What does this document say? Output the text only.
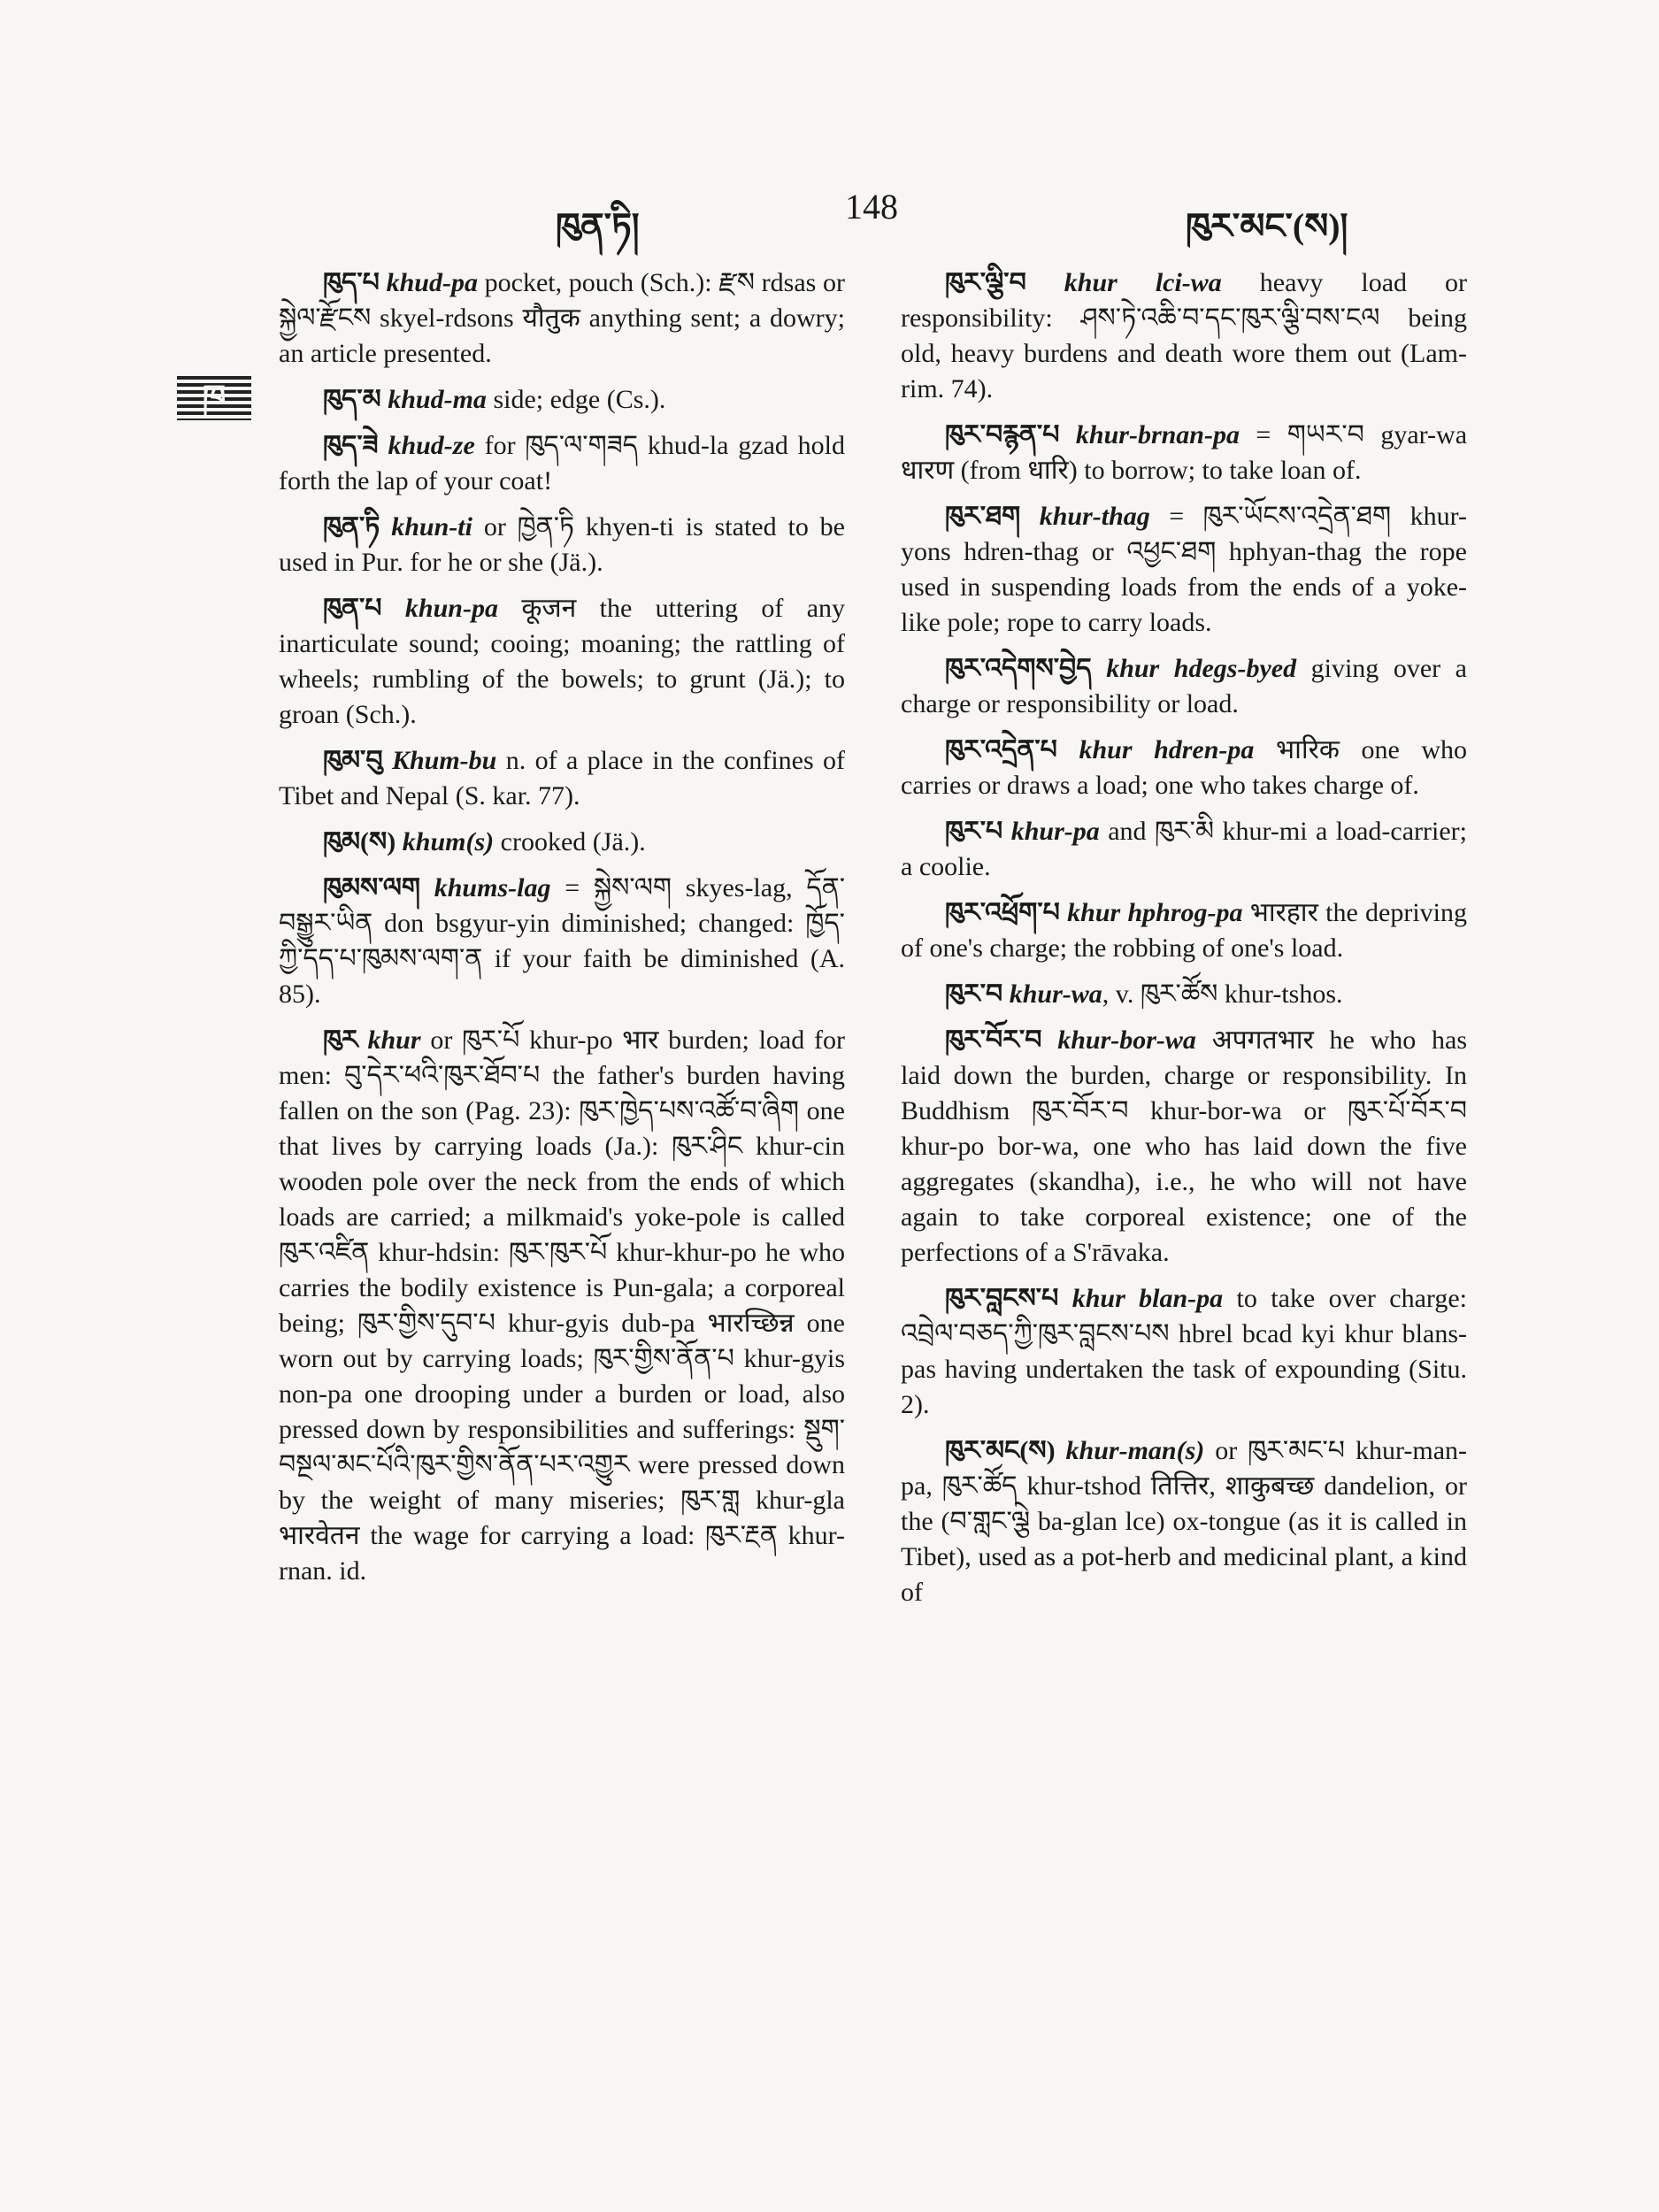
ཁུན་ཏི།	148	ཁུར་མང་(ས)།
ཁ

ཁུད་པ khud-pa pocket, pouch (Sch.): རྫས rdsas or སྐྱེལ་རྫོངས skyel-rdsons यौतुक anything sent; a dowry; an article presented.

ཁུད་མ khud-ma side; edge (Cs.).

ཁུད་ཟེ khud-ze for ཁུད་ལ་གཟད khud-la gzad hold forth the lap of your coat!

ཁུན་ཏི khun-ti or ཁྱེན་ཏི khyen-ti is stated to be used in Pur. for he or she (Jä.).

ཁུན་པ khun-pa कूजन the uttering of any inarticulate sound; cooing; moaning; the rattling of wheels; rumbling of the bowels; to grunt (Jä.); to groan (Sch.).

ཁུམ་བུ Khum-bu n. of a place in the confines of Tibet and Nepal (S. kar. 77).

ཁུམ(ས) khum(s) crooked (Jä.).

ཁུམས་ལག khums-lag = སྐྱེས་ལག skyes-lag, དོན་བསྒྱུར་ཡིན don bsgyur-yin diminished; changed: ཁྱོད་ཀྱི་དད་པ་ཁུམས་ལག་ན if your faith be diminished (A. 85).

ཁུར khur or ཁུར་པོ khur-po भार burden; load for men: བུ་དེར་ཕའི་ཁུར་ཐོབ་པ the father's burden having fallen on the son (Pag. 23): ཁུར་ཁྱེད་པས་འཚོ་བ་ཞིག one that lives by carrying loads (Ja.): ཁུར་ཤིང khur-cin wooden pole over the neck from the ends of which loads are carried; a milkmaid's yoke-pole is called ཁུར་འཛིན khur-hdsin: ཁུར་ཁུར་པོ khur-khur-po he who carries the bodily existence is Pun-gala; a corporeal being; ཁུར་གྱིས་དུབ་པ khur-gyis dub-pa भारच्छिन्न one worn out by carrying loads; ཁུར་གྱིས་ནོན་པ khur-gyis non-pa one drooping under a burden or load, also pressed down by responsibilities and sufferings: སྡུག་བསྔལ་མང་པོའི་ཁུར་གྱིས་ནོན་པར་འགྱུར were pressed down by the weight of many miseries; ཁུར་གླ khur-gla भारवेतन the wage for carrying a load: ཁུར་རྔན khur-rnan. id.

ཁུར་ལྕི་བ khur lci-wa heavy load or responsibility: ཤས་ཏེ་འཆི་བ་དང་ཁུར་ལྕི་བས་ངལ being old, heavy burdens and death wore them out (Lam-rim. 74).

ཁུར་བརྙན་པ khur-brnan-pa = གཡར་བ gyar-wa धारण (from धारि) to borrow; to take loan of.

ཁུར་ཐག khur-thag = ཁུར་ཡོངས་འདྲེན་ཐག khur-yons hdren-thag or འཕྱང་ཐག hphyan-thag the rope used in suspending loads from the ends of a yoke-like pole; rope to carry loads.

ཁུར་འདེགས་བྱེད khur hdegs-byed giving over a charge or responsibility or load.

ཁུར་འདྲེན་པ khur hdren-pa भारिक one who carries or draws a load; one who takes charge of.

ཁུར་པ khur-pa and ཁུར་མི khur-mi a load-carrier; a coolie.

ཁུར་འཕྲོག་པ khur hphrog-pa भारहार the depriving of one's charge; the robbing of one's load.

ཁུར་བ khur-wa, v. ཁུར་ཚོས khur-tshos.

ཁུར་བོར་བ khur-bor-wa अपगतभार he who has laid down the burden, charge or responsibility. In Buddhism ཁུར་བོར་བ khur-bor-wa or ཁུར་པོ་བོར་བ khur-po bor-wa, one who has laid down the five aggregates (skandha), i.e., he who will not have again to take corporeal existence; one of the perfections of a S'rāvaka.

ཁུར་བླངས་པ khur blan-pa to take over charge: འབྲེལ་བཅད་ཀྱི་ཁུར་བླངས་པས hbrel bcad kyi khur blans-pas having undertaken the task of expounding (Situ. 2).

ཁུར་མང(ས) khur-man(s) or ཁུར་མང་པ khur-man-pa, ཁུར་ཚོད khur-tshod तित्तिर, शाकुबच्छ dandelion, or the (བ་གླང་ལྕེ ba-glan lce) ox-tongue (as it is called in Tibet), used as a pot-herb and medicinal plant, a kind of
